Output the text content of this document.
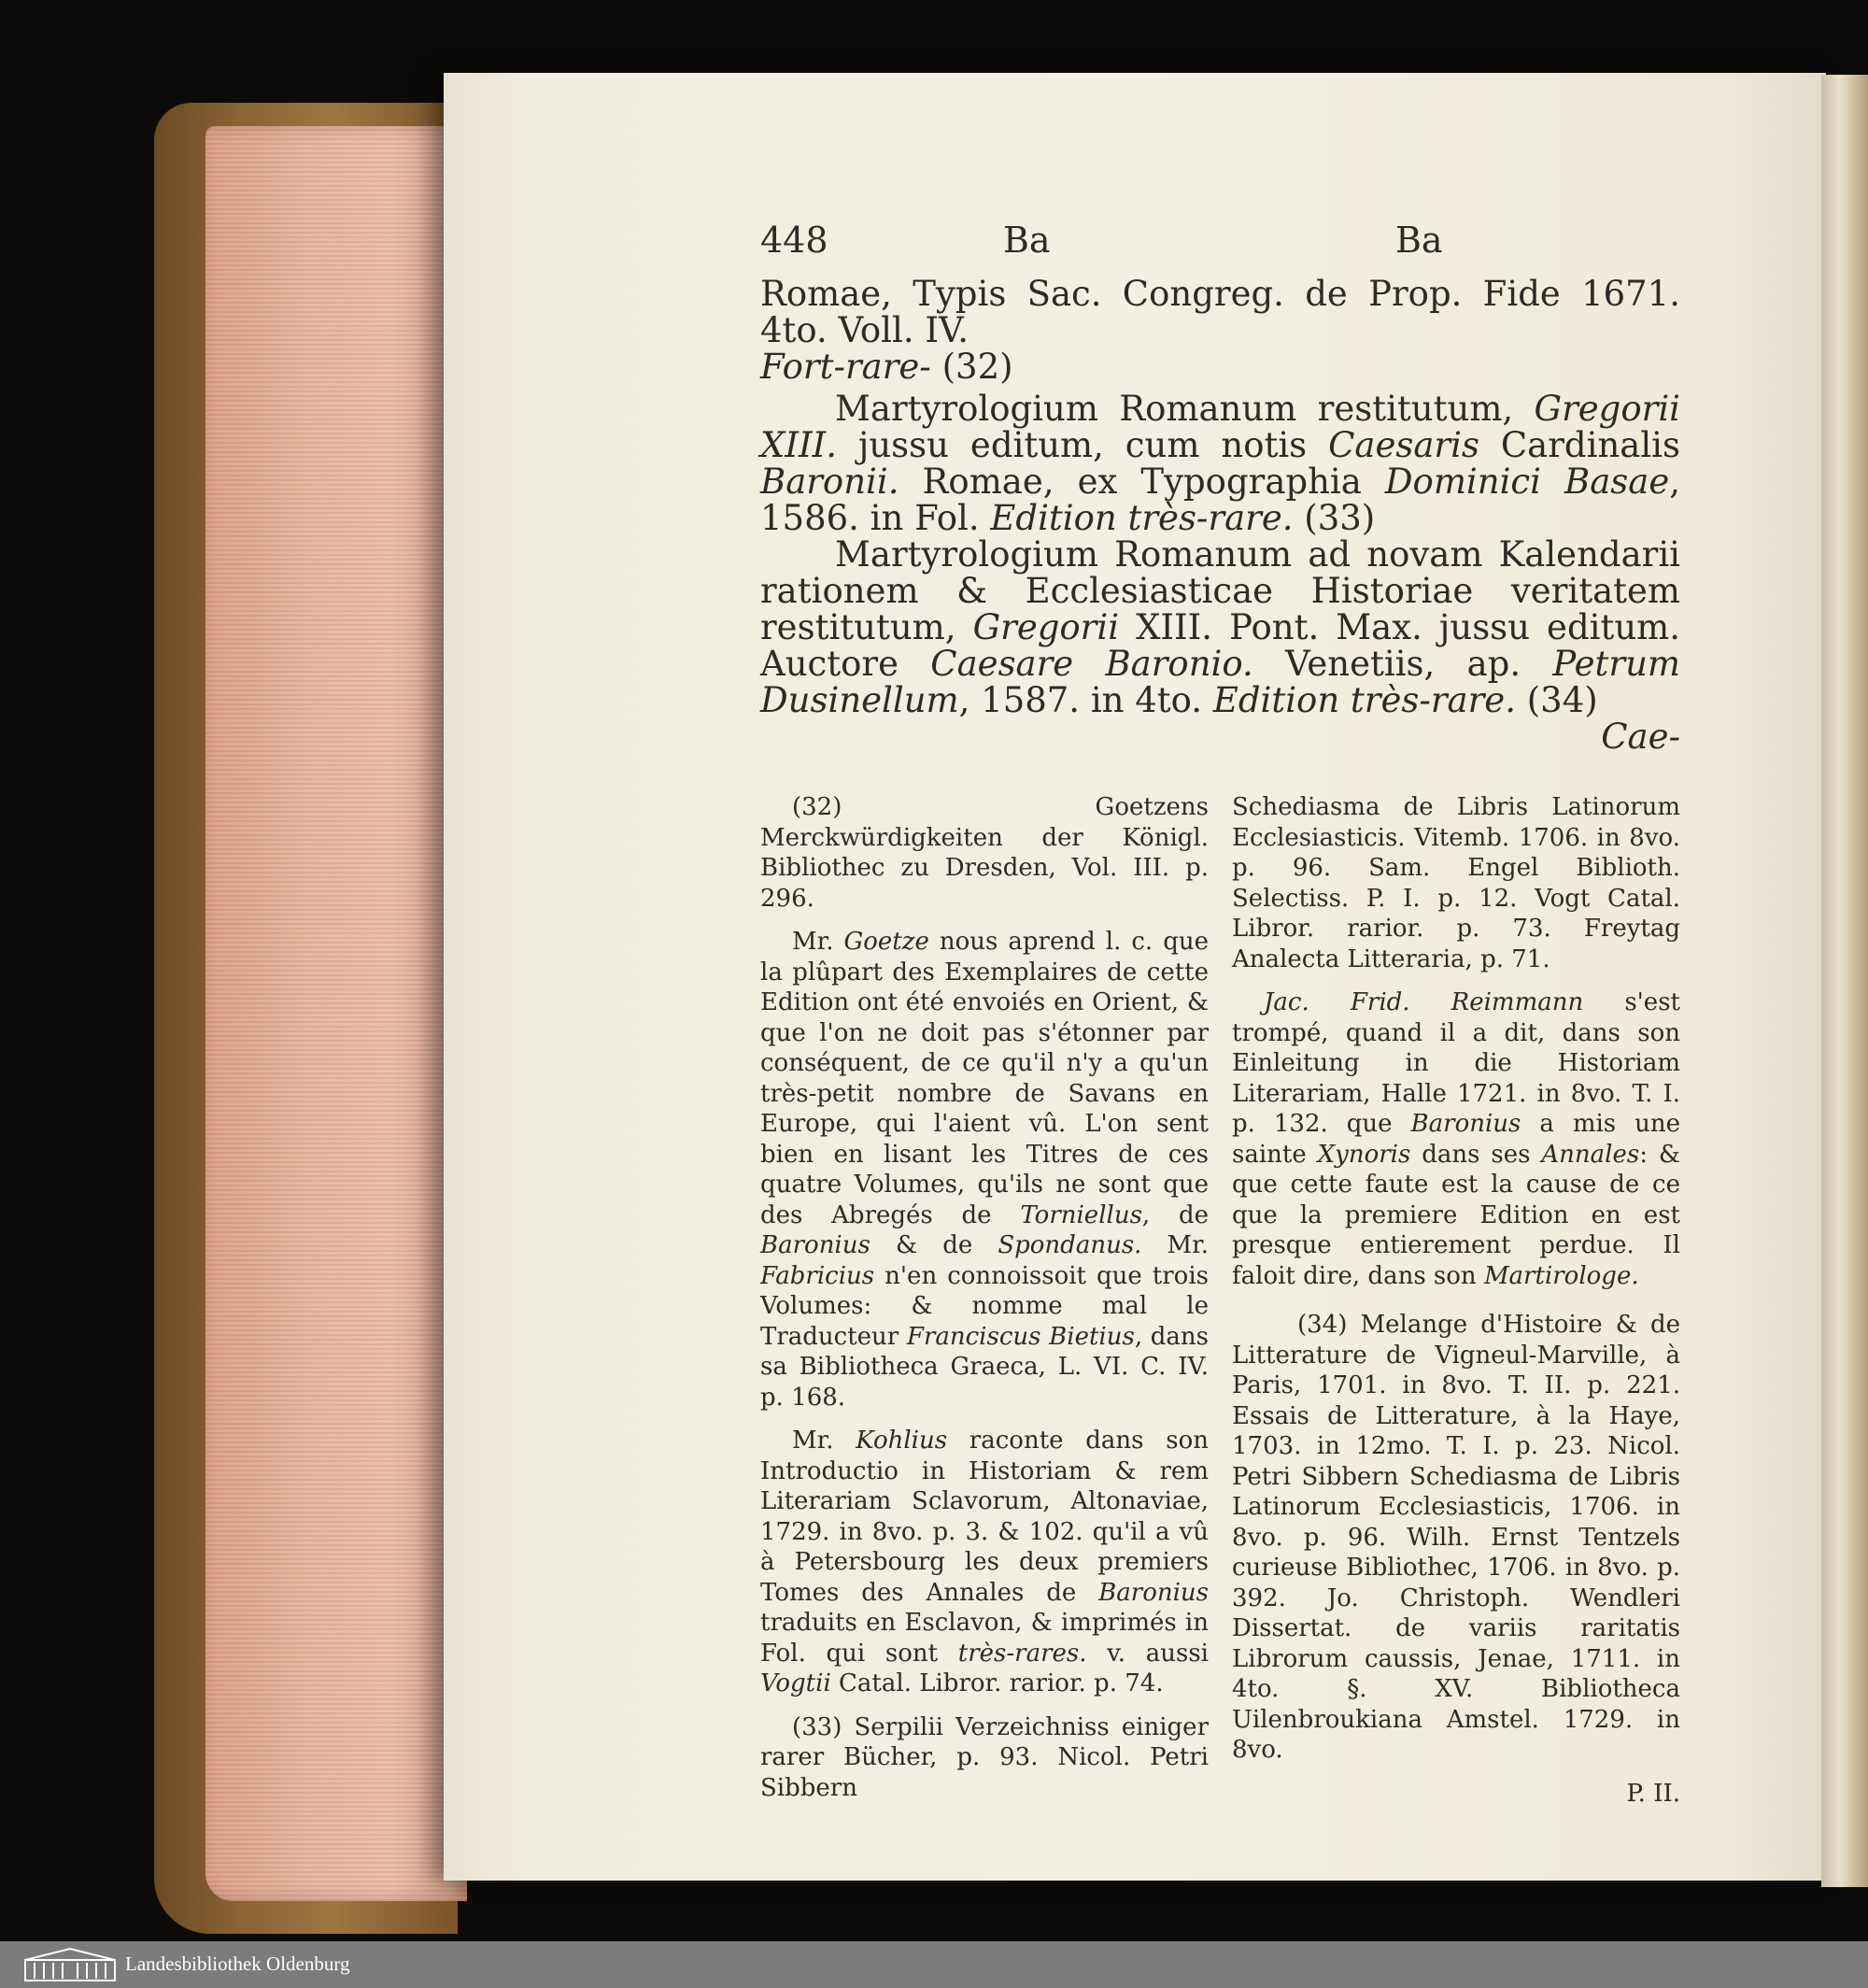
448	Ba	Ba

Romae, Typis Sac. Congreg. de Prop. Fide 1671. 4to. Voll. IV.
Fort-rare- (32)

Martyrologium Romanum restitutum, Gregorii XIII. jussu editum, cum notis Caesaris Cardinalis Baronii. Romae, ex Typographia Dominici Basae, 1586. in Fol. Edition très-rare. (33)

Martyrologium Romanum ad novam Kalendarii rationem & Ecclesiasticae Historiae veritatem restitutum, Gregorii XIII. Pont. Max. jussu editum. Auctore Caesare Baronio. Venetiis, ap. Petrum Dusinellum, 1587. in 4to. Edition très-rare. (34)

Cae-

(32) Goetzens Merckwürdigkeiten der Königl. Bibliothec zu Dresden, Vol. III. p. 296.

Mr. Goetze nous aprend l. c. que la plûpart des Exemplaires de cette Edition ont été envoiés en Orient, & que l'on ne doit pas s'étonner par conséquent, de ce qu'il n'y a qu'un très-petit nombre de Savans en Europe, qui l'aient vû. L'on sent bien en lisant les Titres de ces quatre Volumes, qu'ils ne sont que des Abregés de Torniellus, de Baronius & de Spondanus. Mr. Fabricius n'en connoissoit que trois Volumes: & nomme mal le Traducteur Franciscus Bietius, dans sa Bibliotheca Graeca, L. VI. C. IV. p. 168.

Mr. Kohlius raconte dans son Introductio in Historiam & rem Literariam Sclavorum, Altonaviae, 1729. in 8vo. p. 3. & 102. qu'il a vû à Petersbourg les deux premiers Tomes des Annales de Baronius traduits en Esclavon, & imprimés in Fol. qui sont très-rares. v. aussi Vogtii Catal. Libror. rarior. p. 74.

(33) Serpilii Verzeichniss einiger rarer Bücher, p. 93. Nicol. Petri Sibbern

Schediasma de Libris Latinorum Ecclesiasticis. Vitemb. 1706. in 8vo. p. 96. Sam. Engel Biblioth. Selectiss. P. I. p. 12. Vogt Catal. Libror. rarior. p. 73. Freytag Analecta Litteraria, p. 71.

Jac. Frid. Reimmann s'est trompé, quand il a dit, dans son Einleitung in die Historiam Literariam, Halle 1721. in 8vo. T. I. p. 132. que Baronius a mis une sainte Xynoris dans ses Annales: & que cette faute est la cause de ce que la premiere Edition en est presque entierement perdue. Il faloit dire, dans son Martirologe.

(34) Melange d'Histoire & de Litterature de Vigneul-Marville, à Paris, 1701. in 8vo. T. II. p. 221. Essais de Litterature, à la Haye, 1703. in 12mo. T. I. p. 23. Nicol. Petri Sibbern Schediasma de Libris Latinorum Ecclesiasticis, 1706. in 8vo. p. 96. Wilh. Ernst Tentzels curieuse Bibliothec, 1706. in 8vo. p. 392. Jo. Christoph. Wendleri Dissertat. de variis raritatis Librorum caussis, Jenae, 1711. in 4to. §. XV. Bibliotheca Uilenbroukiana Amstel. 1729. in 8vo.

P. II.

Landesbibliothek Oldenburg
